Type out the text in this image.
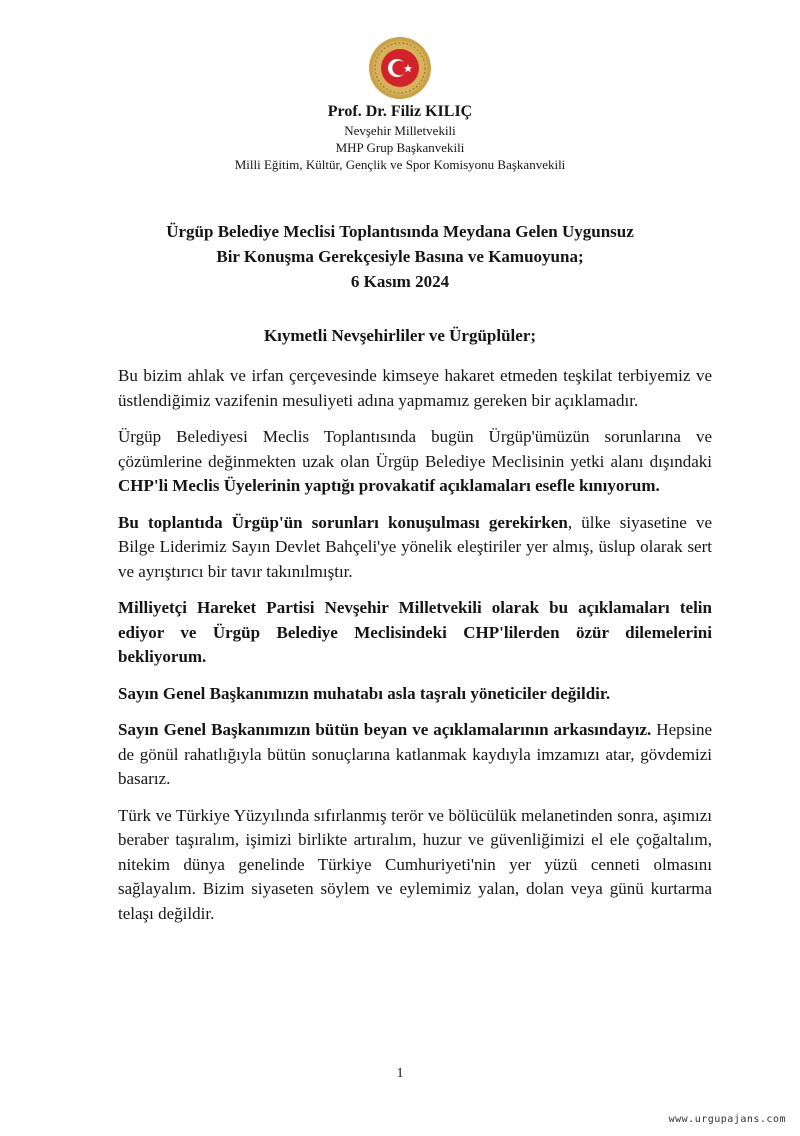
Prof. Dr. Filiz KILIÇ
Nevşehir Milletvekili
MHP Grup Başkanvekili
Milli Eğitim, Kültür, Gençlik ve Spor Komisyonu Başkanvekili
Ürgüp Belediye Meclisi Toplantısında Meydana Gelen Uygunsuz
Bir Konuşma Gerekçesiyle Basına ve Kamuoyuna;
6 Kasım 2024
Kıymetli Nevşehirliler ve Ürgüplüler;

Bu bizim ahlak ve irfan çerçevesinde kimseye hakaret etmeden teşkilat terbiyemiz ve üstlendiğimiz vazifenin mesuliyeti adına yapmamız gereken bir açıklamadır.

Ürgüp Belediyesi Meclis Toplantısında bugün Ürgüp'ümüzün sorunlarına ve çözümlerine değinmekten uzak olan Ürgüp Belediye Meclisinin yetki alanı dışındaki CHP'li Meclis Üyelerinin yaptığı provakatif açıklamaları esefle kınıyorum.

Bu toplantıda Ürgüp'ün sorunları konuşulması gerekirken, ülke siyasetine ve Bilge Liderimiz Sayın Devlet Bahçeli'ye yönelik eleştiriler yer almış, üslup olarak sert ve ayrıştırıcı bir tavır takınılmıştır.

Milliyetçi Hareket Partisi Nevşehir Milletvekili olarak bu açıklamaları telin ediyor ve Ürgüp Belediye Meclisindeki CHP'lilerden özür dilemelerini bekliyorum.

Sayın Genel Başkanımızın muhatabı asla taşralı yöneticiler değildir.

Sayın Genel Başkanımızın bütün beyan ve açıklamalarının arkasındayız. Hepsine de gönül rahatlığıyla bütün sonuçlarına katlanmak kaydıyla imzamızı atar, gövdemizi basarız.

Türk ve Türkiye Yüzyılında sıfırlanmış terör ve bölücülük melanetinden sonra, aşımızı beraber taşıralım, işimizi birlikte artıralım, huzur ve güvenliğimizi el ele çoğaltalım, nitekim dünya genelinde Türkiye Cumhuriyeti'nin yer yüzü cenneti olmasını sağlayalım. Bizim siyaseten söylem ve eylemimiz yalan, dolan veya günü kurtarma telaşı değildir.

1
www.urgupajans.com
